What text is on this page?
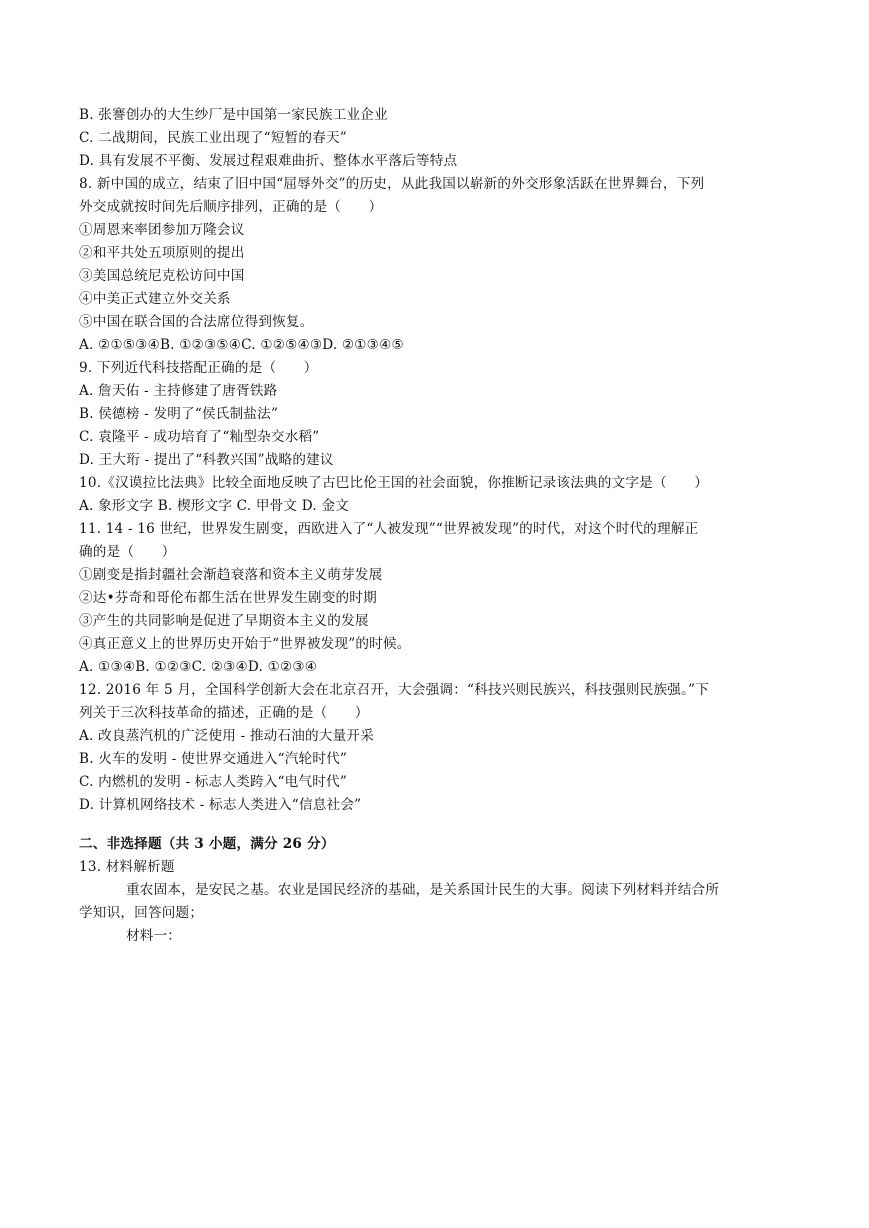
B. 张謇创办的大生纱厂是中国第一家民族工业企业
C. 二战期间，民族工业出现了“短暂的春天”
D. 具有发展不平衡、发展过程艰难曲折、整体水平落后等特点
8. 新中国的成立，结束了旧中国“屈辱外交”的历史，从此我国以崭新的外交形象活跃在世界舞台，下列
外交成就按时间先后顺序排列，正确的是（　　）
①周恩来率团参加万隆会议
②和平共处五项原则的提出
③美国总统尼克松访问中国
④中美正式建立外交关系
⑤中国在联合国的合法席位得到恢复。
A. ②①⑤③④B. ①②③⑤④C. ①②⑤④③D. ②①③④⑤
9. 下列近代科技搭配正确的是（　　）
A. 詹天佑 - 主持修建了唐胥铁路
B. 侯德榜 - 发明了“侯氏制盐法”
C. 袁隆平 - 成功培育了“籼型杂交水稻”
D. 王大珩 - 提出了“科教兴国”战略的建议
10.《汉谟拉比法典》比较全面地反映了古巴比伦王国的社会面貌，你推断记录该法典的文字是（　　）
A. 象形文字 B. 楔形文字 C. 甲骨文 D. 金文
11. 14 - 16 世纪，世界发生剧变，西欧进入了“人被发现”“世界被发现”的时代，对这个时代的理解正
确的是（　　）
①剧变是指封疆社会渐趋衰落和资本主义萌芽发展
②达•芬奇和哥伦布都生活在世界发生剧变的时期
③产生的共同影响是促进了早期资本主义的发展
④真正意义上的世界历史开始于“世界被发现”的时候。
A. ①③④B. ①②③C. ②③④D. ①②③④
12. 2016 年 5 月，全国科学创新大会在北京召开，大会强调：“科技兴则民族兴，科技强则民族强。”下
列关于三次科技革命的描述，正确的是（　　）
A. 改良蒸汽机的广泛使用 - 推动石油的大量开采
B. 火车的发明 - 使世界交通进入“汽轮时代”
C. 内燃机的发明 - 标志人类跨入“电气时代”
D. 计算机网络技术 - 标志人类进入“信息社会”
二、非选择题（共 3 小题，满分 26 分）
13. 材料解析题
重农固本，是安民之基。农业是国民经济的基础，是关系国计民生的大事。阅读下列材料并结合所
学知识，回答问题；
材料一：
